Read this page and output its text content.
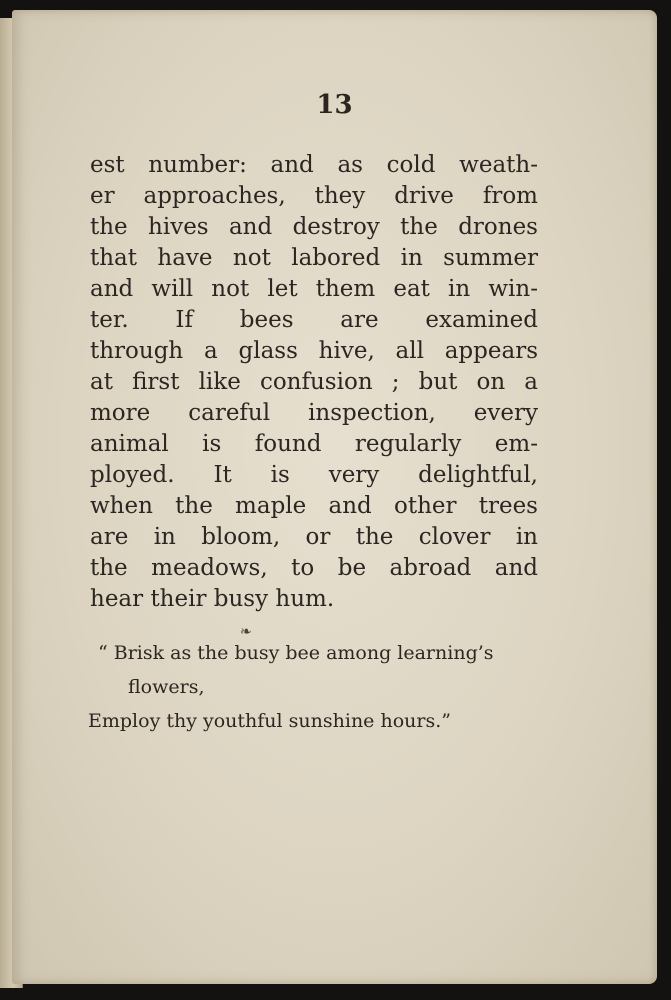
13
est number: and as cold weath-
er approaches, they drive from
the hives and destroy the drones
that have not labored in summer
and will not let them eat in win-
ter. If bees are examined
through a glass hive, all appears
at first like confusion ; but on a
more careful inspection, every
animal is found regularly em-
ployed. It is very delightful,
when the maple and other trees
are in bloom, or the clover in
the meadows, to be abroad and
hear their busy hum.
❧
“ Brisk as the busy bee among learning’s
flowers,
Employ thy youthful sunshine hours.”
